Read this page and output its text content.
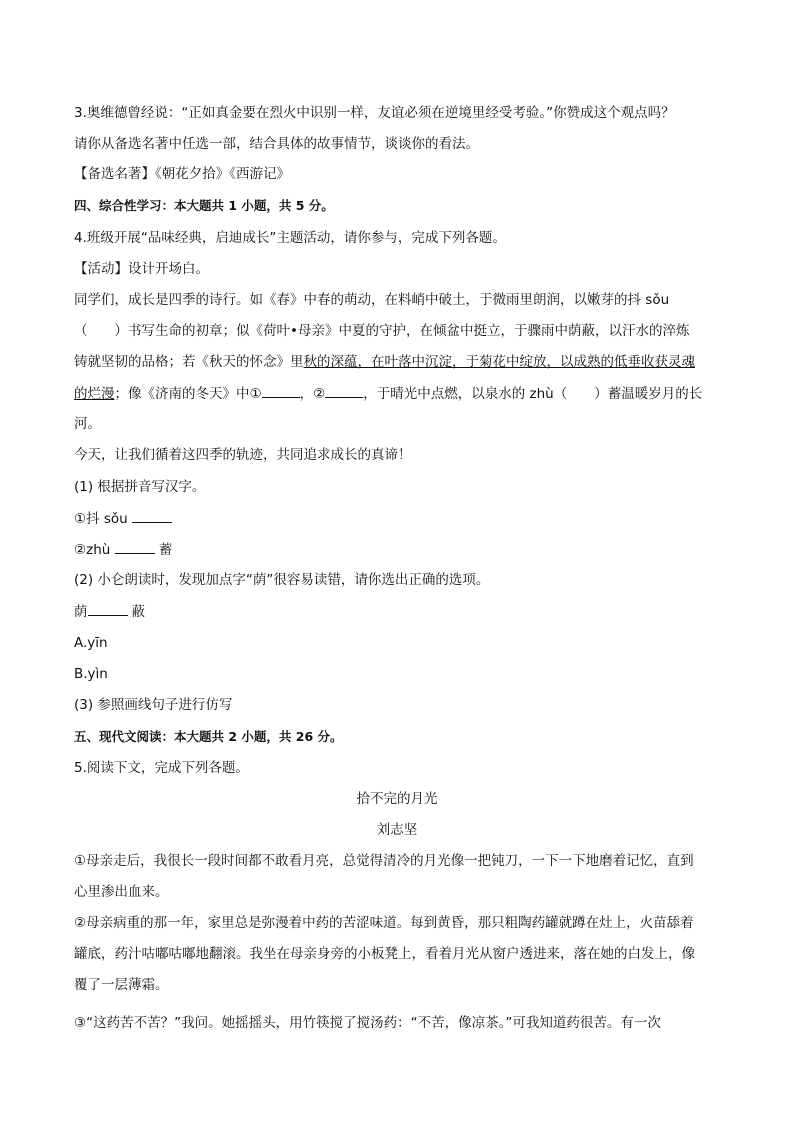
3.奥维德曾经说：“正如真金要在烈火中识别一样，友谊必须在逆境里经受考验。”你赞成这个观点吗？
请你从备选名著中任选一部，结合具体的故事情节，谈谈你的看法。
【备选名著】《朝花夕拾》《西游记》
四、综合性学习：本大题共 1 小题，共 5 分。
4.班级开展“品味经典，启迪成长”主题活动，请你参与，完成下列各题。
【活动】设计开场白。
同学们，成长是四季的诗行。如《春》中春的萌动，在料峭中破土，于微雨里朗润，以嫩芽的抖 sǒu
（　　）书写生命的初章；似《荷叶•母亲》中夏的守护，在倾盆中挺立，于骤雨中荫蔽，以汗水的淬炼
铸就坚韧的品格；若《秋天的怀念》里秋的深蕴，在叶落中沉淀，于菊花中绽放，以成熟的低垂收获灵魂
的烂漫；像《济南的冬天》中①	，②	，于晴光中点燃，以泉水的 zhù（　　）蓄温暖岁月的长
河。
今天，让我们循着这四季的轨迹，共同追求成长的真谛！
(1) 根据拼音写汉字。
①抖 sǒu
②zhù	蓄
(2) 小仑朗读时，发现加点字“荫”很容易读错，请你选出正确的选项。
荫	蔽
A.yīn
B.yìn
(3) 参照画线句子进行仿写
五、现代文阅读：本大题共 2 小题，共 26 分。
5.阅读下文，完成下列各题。
拾不完的月光
刘志坚
①母亲走后，我很长一段时间都不敢看月亮，总觉得清冷的月光像一把钝刀，一下一下地磨着记忆，直到
心里渗出血来。
②母亲病重的那一年，家里总是弥漫着中药的苦涩味道。每到黄昏，那只粗陶药罐就蹲在灶上，火苗舔着
罐底，药汁咕嘟咕嘟地翻滚。我坐在母亲身旁的小板凳上，看着月光从窗户透进来，落在她的白发上，像
覆了一层薄霜。
③“这药苦不苦？”我问。她摇摇头，用竹筷搅了搅汤药：“不苦，像凉茶。”可我知道药很苦。有一次
